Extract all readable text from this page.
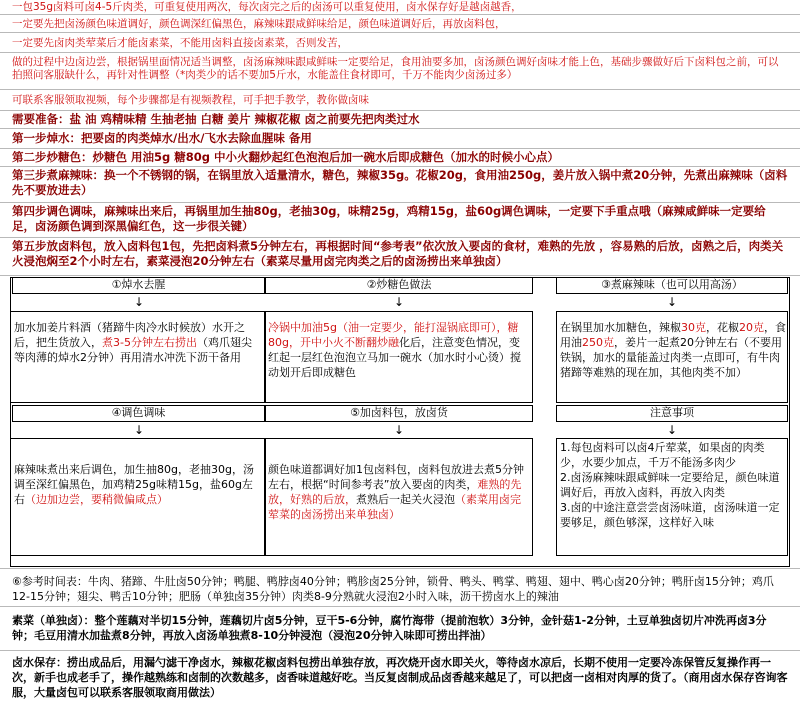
一包35g卤料可卤4-5斤肉类，可重复使用两次，每次卤完之后的卤汤可以重复使用，卤水保存好是越卤越香，
一定要先把卤汤颜色味道调好，颜色调深红偏黑色，麻辣味跟咸鲜味给足，颜色味道调好后，再放卤料包，
一定要先卤肉类荤菜后才能卤素菜，不能用卤料直接卤素菜，否则发苦，
做的过程中边卤边尝，根据锅里面情况适当调整，卤汤麻辣味跟咸鲜味一定要给足，食用油要多加，卤汤颜色调好卤味才能上色，基础步骤做好后下卤料包之前，可以拍照问客服缺什么，再针对性调整（*肉类少的话不要加5斤水，水能盖住食材即可，千万不能肉少卤汤过多）
可联系客服领取视频，每个步骤都是有视频教程，可手把手教学，教你做卤味
需要准备：盐 油 鸡精味精 生抽老抽 白糖 姜片 辣椒花椒 卤之前要先把肉类过水
第一步焯水：把要卤的肉类焯水/出水/飞水去除血腥味 备用
第二步炒糖色：炒糖色 用油5g 糖80g 中小火翻炒起红色泡泡后加一碗水后即成糖色（加水的时候小心点）
第三步煮麻辣味：换一个不锈钢的锅，在锅里放入适量清水，糖色，辣椒35g。花椒20g，食用油250g，姜片放入锅中煮20分钟，先煮出麻辣味（卤料先不要放进去）
第四步调色调味，麻辣味出来后，再锅里加生抽80g，老抽30g，味精25g，鸡精15g，盐60g调色调味，一定要下手重点哦（麻辣咸鲜味一定要给足，卤汤颜色调到深黑偏红色，这一步很关键）
第五步放卤料包，放入卤料包1包，先把卤料煮5分钟左右，再根据时间“参考表”依次放入要卤的食材，难熟的先放 ，容易熟的后放，卤熟之后，肉类关火浸泡焖至2个小时左右，素菜浸泡20分钟左右（素菜尽量用卤完肉类之后的卤汤捞出来单独卤）
①焯水去腥	②炒糖色做法	③煮麻辣味（也可以用高汤）
↓	↓	↓
加水加姜片料酒（猪蹄牛肉冷水时候放）水开之后，把生货放入，煮3-5分钟左右捞出（鸡爪翅尖等肉薄的焯水2分钟）再用清水冲洗下沥干备用
冷锅中加油5g（油一定要少，能打湿锅底即可），糖80g，开中小火不断翻炒融化后，注意变色情况，变红起一层红色泡泡立马加一碗水（加水时小心烫）搅动划开后即成糖色
在锅里加水加糖色，辣椒30克，花椒20克，食用油250克，姜片一起煮20分钟左右（不要用铁锅，加水的量能盖过肉类一点即可，有牛肉猪蹄等难熟的现在加，其他肉类不加）
④调色调味	⑤加卤料包，放卤货	注意事项
↓	↓	↓
麻辣味煮出来后调色，加生抽80g，老抽30g，汤调至深红偏黑色，加鸡精25g味精15g，盐60g左右（边加边尝，要稍微偏咸点）
颜色味道都调好加1包卤料包，卤料包放进去煮5分钟左右，根据“时间参考表”放入要卤的肉类，难熟的先放，好熟的后放，煮熟后一起关火浸泡（素菜用卤完荤菜的卤汤捞出来单独卤）
1.每包卤料可以卤4斤荤菜，如果卤的肉类少，水要少加点，千万不能汤多肉少
2.卤汤麻辣味跟咸鲜味一定要给足，颜色味道调好后，再放入卤料，再放入肉类
3.卤的中途注意尝尝卤汤味道，卤汤味道一定要够足，颜色够深，这样好入味
⑥参考时间表：牛肉、猪蹄、牛肚卤50分钟；鸭腿、鸭脖卤40分钟；鸭胗卤25分钟，锁骨、鸭头、鸭掌、鸭翅、翅中、鸭心卤20分钟；鸭肝卤15分钟；鸡爪12-15分钟；翅尖、鸭舌10分钟；肥肠（单独卤35分钟）肉类8-9分熟就火浸泡2小时入味，沥干捞卤水上的辣油
素菜（单独卤）：整个莲藕对半切15分钟，莲藕切片卤5分钟，豆干5-6分钟，腐竹海带（提前泡软）3分钟，金针菇1-2分钟，土豆单独卤切片冲洗再卤3分钟；毛豆用清水加盐煮8分钟，再放入卤汤单独煮8-10分钟浸泡（浸泡20分钟入味即可捞出拌油）
卤水保存：捞出成品后，用漏勺滤干净卤水，辣椒花椒卤料包捞出单独存放，再次烧开卤水即关火，等待卤水凉后，长期不使用一定要冷冻保管反复操作再一次，新手也成老手了，操作越熟练和卤制的次数越多，卤香味道越好吃。当反复卤制成品卤香越来越足了，可以把卤一卤相对肉厚的货了。（商用卤水保存咨询客服，大量卤包可以联系客服领取商用做法）
